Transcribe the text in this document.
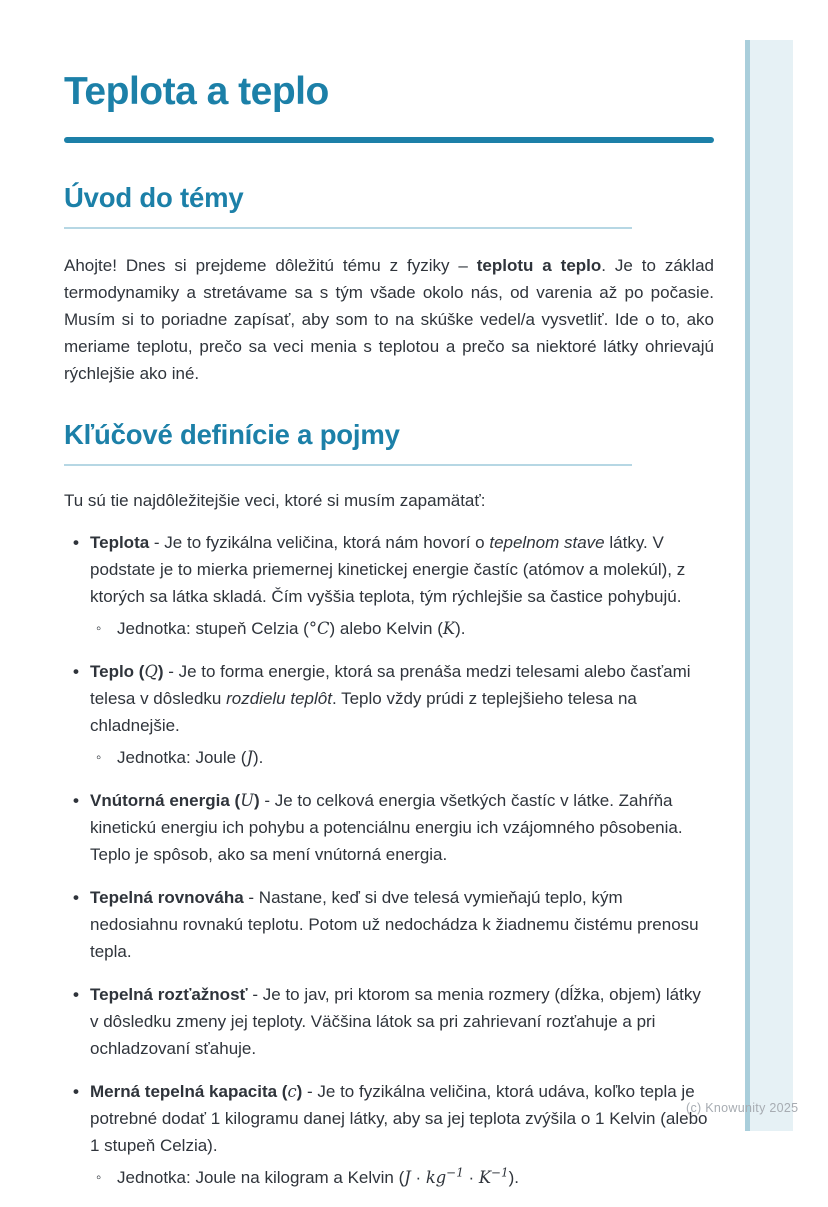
Teplota a teplo
Úvod do témy

Ahojte! Dnes si prejdeme dôležitú tému z fyziky – teplotu a teplo. Je to základ termodynamiky a stretávame sa s tým všade okolo nás, od varenia až po počasie. Musím si to poriadne zapísať, aby som to na skúške vedel/a vysvetliť. Ide o to, ako meriame teplotu, prečo sa veci menia s teplotou a prečo sa niektoré látky ohrievajú rýchlejšie ako iné.

Kľúčové definície a pojmy

Tu sú tie najdôležitejšie veci, ktoré si musím zapamätať:

• Teplota - Je to fyzikálna veličina, ktorá nám hovorí o tepelnom stave látky. V podstate je to mierka priemernej kinetickej energie častíc (atómov a molekúl), z ktorých sa látka skladá. Čím vyššia teplota, tým rýchlejšie sa častice pohybujú.
◦ Jednotka: stupeň Celzia (°C) alebo Kelvin (K).
• Teplo (Q) - Je to forma energie, ktorá sa prenáša medzi telesami alebo časťami telesa v dôsledku rozdielu teplôt. Teplo vždy prúdi z teplejšieho telesa na chladnejšie.
◦ Jednotka: Joule (J).
• Vnútorná energia (U) - Je to celková energia všetkých častíc v látke. Zahŕňa kinetickú energiu ich pohybu a potenciálnu energiu ich vzájomného pôsobenia. Teplo je spôsob, ako sa mení vnútorná energia.
• Tepelná rovnováha - Nastane, keď si dve telesá vymieňajú teplo, kým nedosiahnu rovnakú teplotu. Potom už nedochádza k žiadnemu čistému prenosu tepla.
• Tepelná rozťažnosť - Je to jav, pri ktorom sa menia rozmery (dĺžka, objem) látky v dôsledku zmeny jej teploty. Väčšina látok sa pri zahrievaní rozťahuje a pri ochladzovaní sťahuje.
• Merná tepelná kapacita (c) - Je to fyzikálna veličina, ktorá udáva, koľko tepla je potrebné dodať 1 kilogramu danej látky, aby sa jej teplota zvýšila o 1 Kelvin (alebo 1 stupeň Celzia).
◦ Jednotka: Joule na kilogram a Kelvin $(J \cdot kg^{-1} \cdot K^{-1})$.
(c) Knowunity 2025
